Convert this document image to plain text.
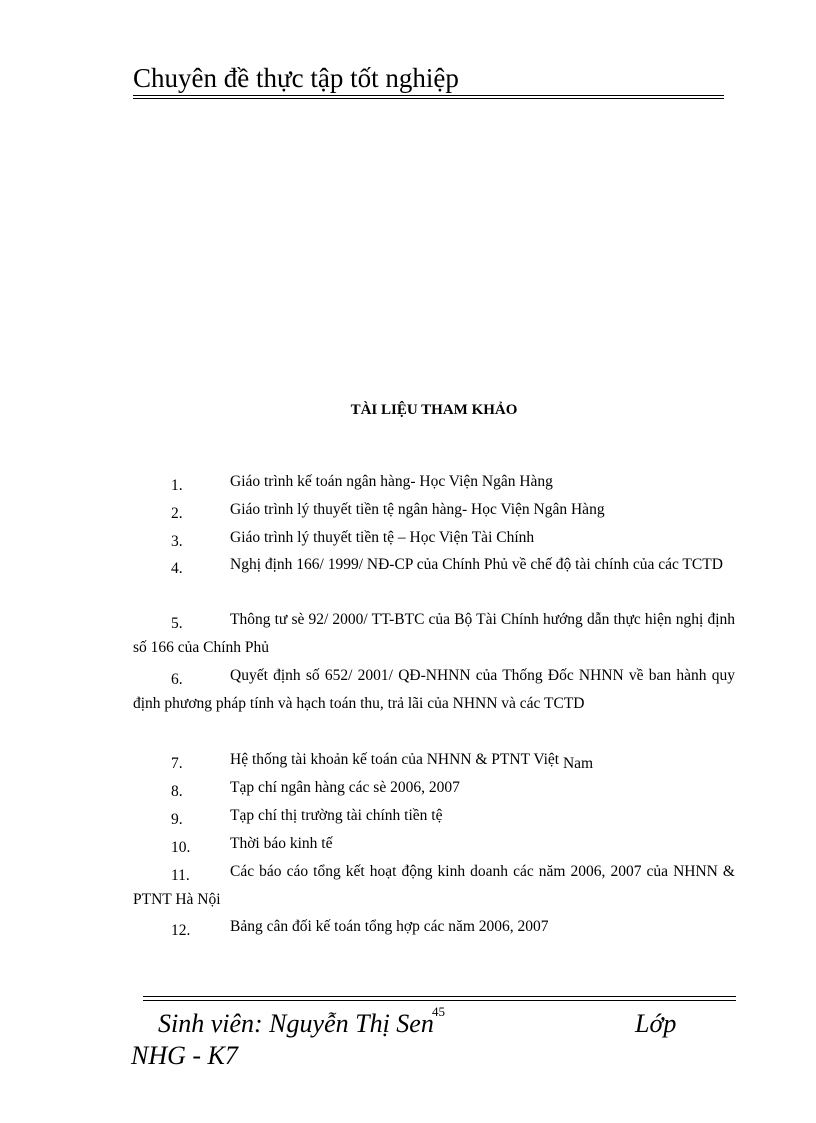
Chuyên đề thực tập tốt nghiệp
TÀI LIỆU THAM KHẢO
1.	Giáo trình kế toán ngân hàng- Học Viện Ngân Hàng
2.	Giáo trình lý thuyết tiền tệ ngân hàng- Học Viện Ngân Hàng
3.	Giáo trình lý thuyết tiền tệ – Học Viện Tài Chính
4.	Nghị định 166/ 1999/ NĐ-CP của Chính Phủ về chế độ tài chính của các TCTD
5.	Thông tư sè 92/ 2000/ TT-BTC của Bộ Tài Chính hướng dẫn thực hiện nghị định số 166 của Chính Phủ
6.	Quyết định số 652/ 2001/ QĐ-NHNN của Thống Đốc NHNN về ban hành quy định phương pháp tính và hạch toán thu, trả lãi của NHNN và các TCTD
7.	Hệ thống tài khoản kế toán của NHNN & PTNT Việt Nam
8.	Tạp chí ngân hàng các sè 2006, 2007
9.	Tạp chí thị trường tài chính tiền tệ
10.	Thời báo kinh tế
11.	Các báo cáo tổng kết hoạt động kinh doanh các năm 2006, 2007 của NHNN & PTNT Hà Nội
12.	Bảng cân đối kế toán tổng hợp các năm 2006, 2007
45
Sinh viên: Nguyễn Thị Sen	Lớp
NHG - K7
